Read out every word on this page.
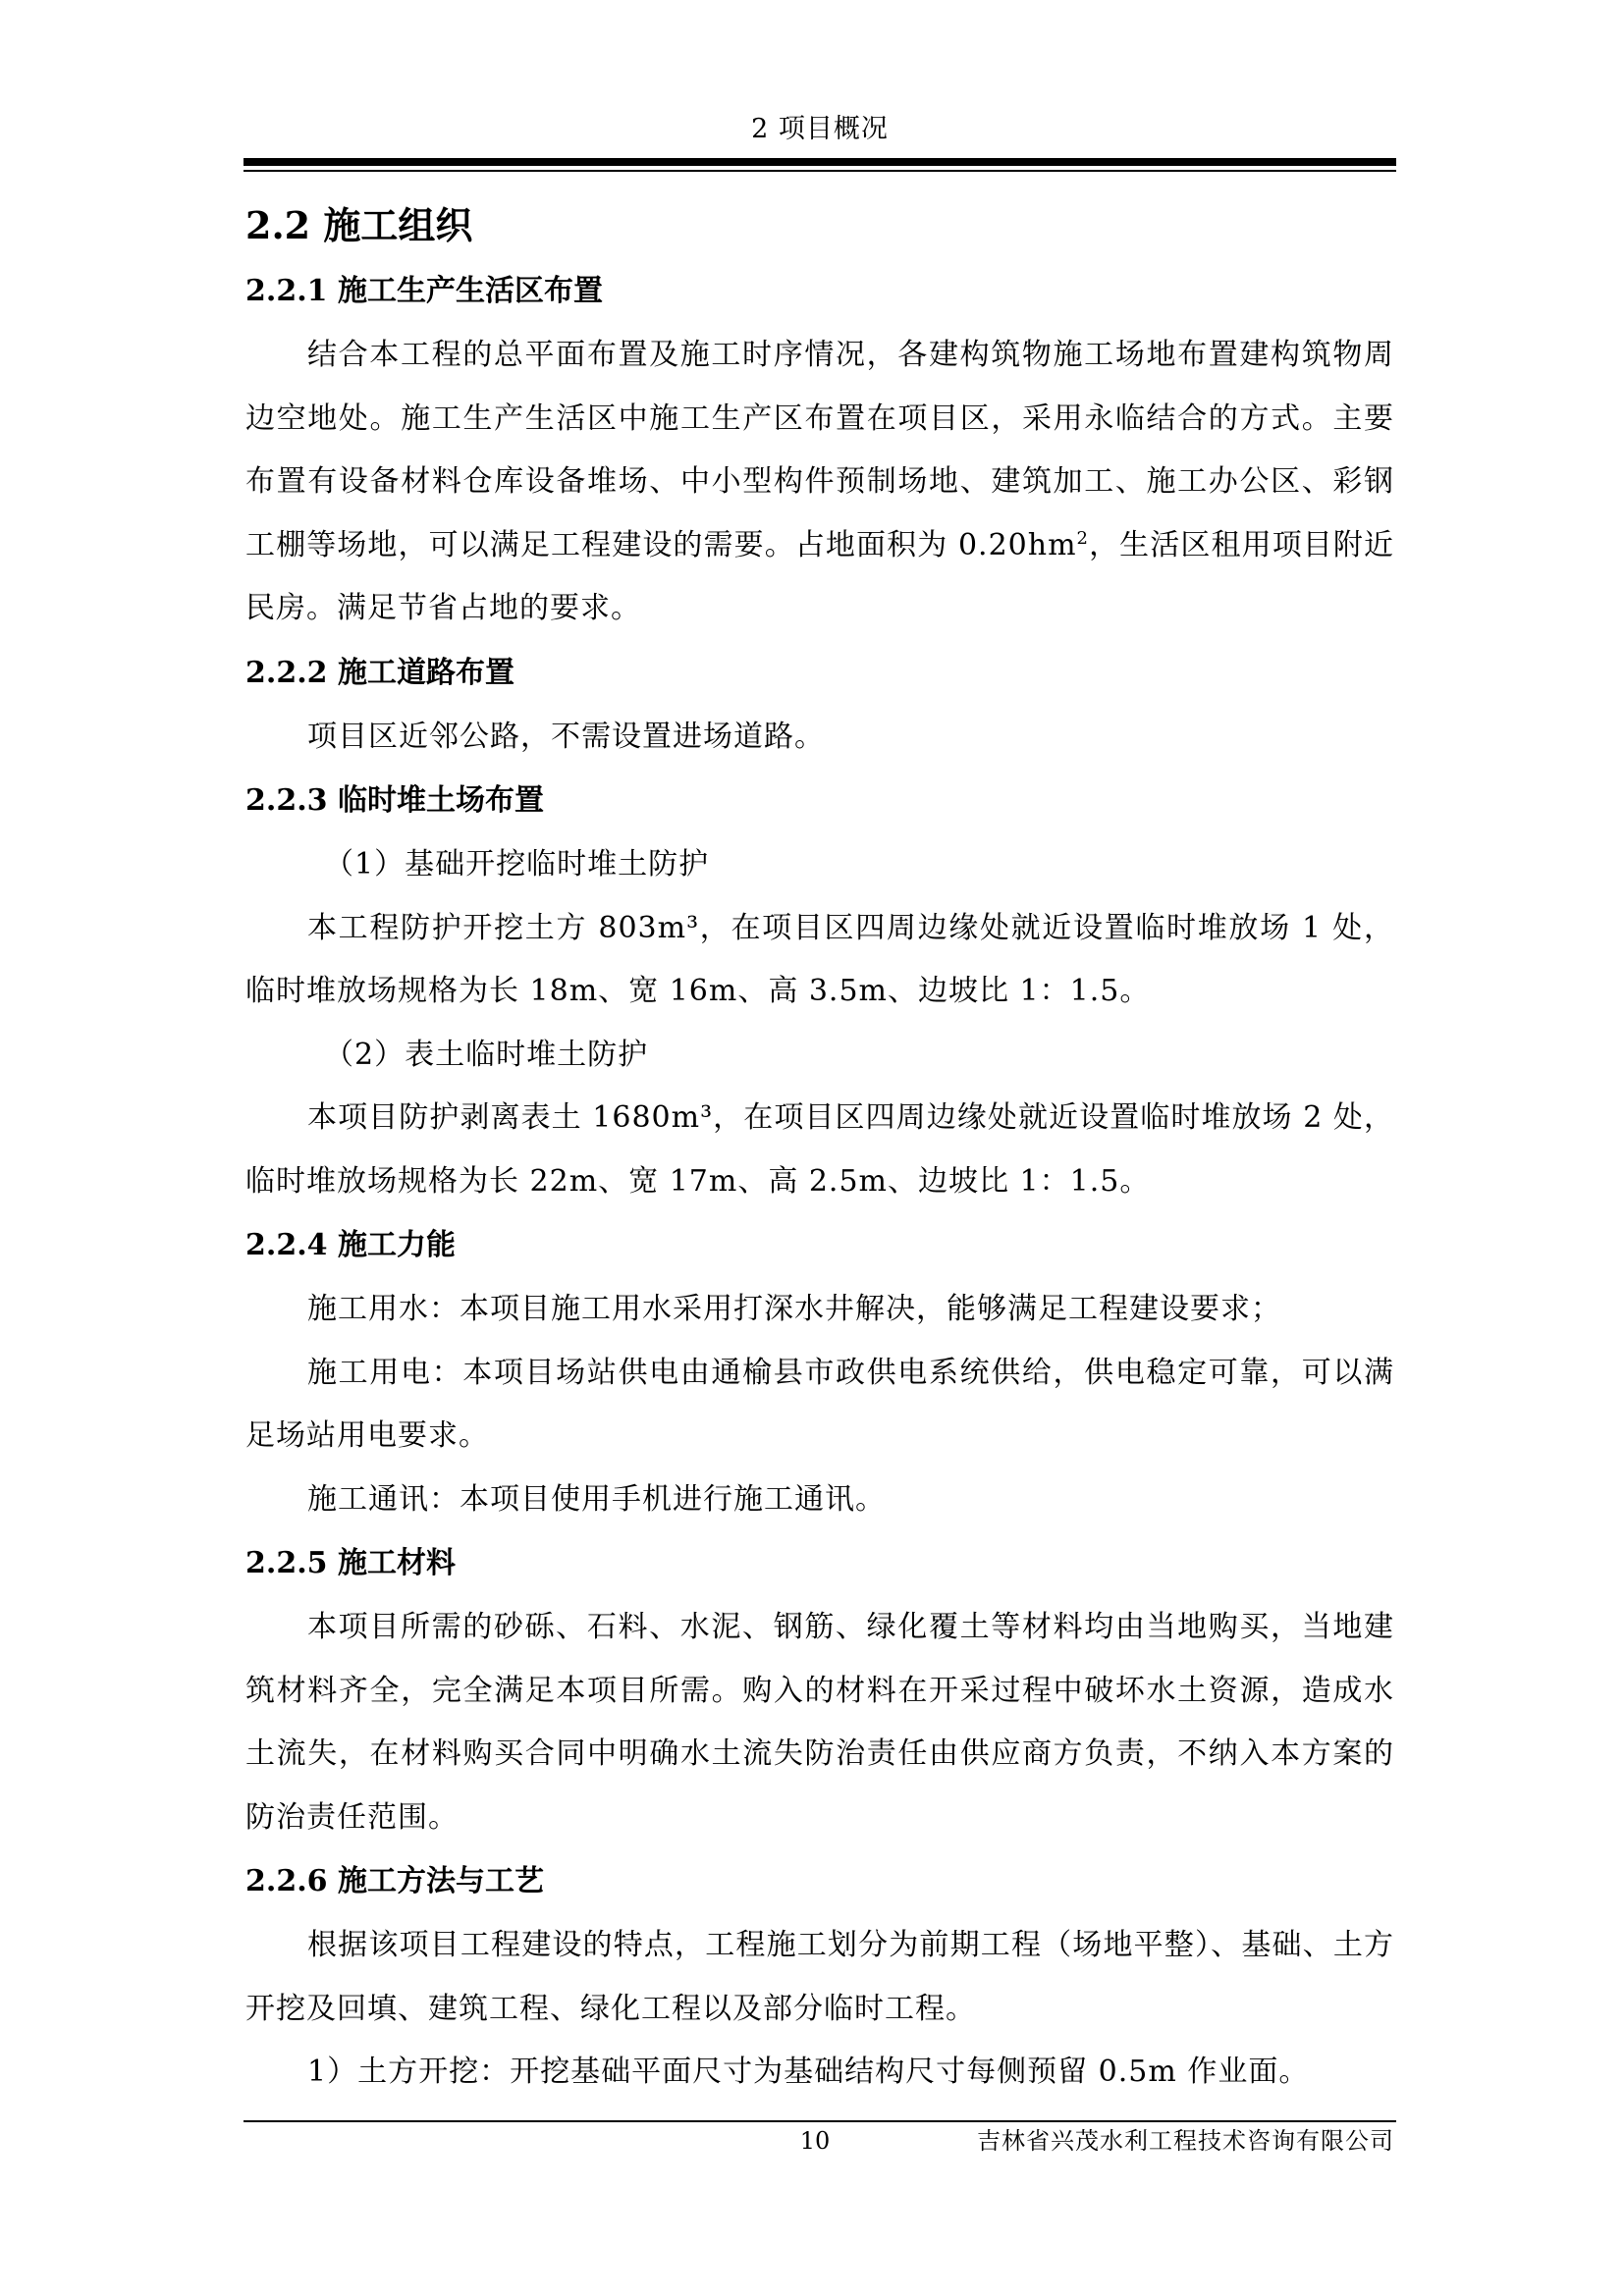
2 项目概况
2.2 施工组织
2.2.1 施工生产生活区布置

结合本工程的总平面布置及施工时序情况，各建构筑物施工场地布置建构筑物周边空地处。施工生产生活区中施工生产区布置在项目区，采用永临结合的方式。主要布置有设备材料仓库设备堆场、中小型构件预制场地、建筑加工、施工办公区、彩钢工棚等场地，可以满足工程建设的需要。占地面积为 $0.20hm^2$，生活区租用项目附近民房。满足节省占地的要求。

2.2.2 施工道路布置

项目区近邻公路，不需设置进场道路。

2.2.3 临时堆土场布置

（1）基础开挖临时堆土防护

本工程防护开挖土方 803m³，在项目区四周边缘处就近设置临时堆放场 1 处，临时堆放场规格为长 18m、宽 16m、高 3.5m、边坡比 1：1.5。

（2）表土临时堆土防护

本项目防护剥离表土 1680m³，在项目区四周边缘处就近设置临时堆放场 2 处，临时堆放场规格为长 22m、宽 17m、高 2.5m、边坡比 1：1.5。

2.2.4 施工力能

施工用水：本项目施工用水采用打深水井解决，能够满足工程建设要求；

施工用电：本项目场站供电由通榆县市政供电系统供给，供电稳定可靠，可以满足场站用电要求。

施工通讯：本项目使用手机进行施工通讯。

2.2.5 施工材料

本项目所需的砂砾、石料、水泥、钢筋、绿化覆土等材料均由当地购买，当地建筑材料齐全，完全满足本项目所需。购入的材料在开采过程中破坏水土资源，造成水土流失，在材料购买合同中明确水土流失防治责任由供应商方负责，不纳入本方案的防治责任范围。

2.2.6 施工方法与工艺

根据该项目工程建设的特点，工程施工划分为前期工程（场地平整）、基础、土方开挖及回填、建筑工程、绿化工程以及部分临时工程。

1）土方开挖：开挖基础平面尺寸为基础结构尺寸每侧预留 0.5m 作业面。

10	吉林省兴茂水利工程技术咨询有限公司
